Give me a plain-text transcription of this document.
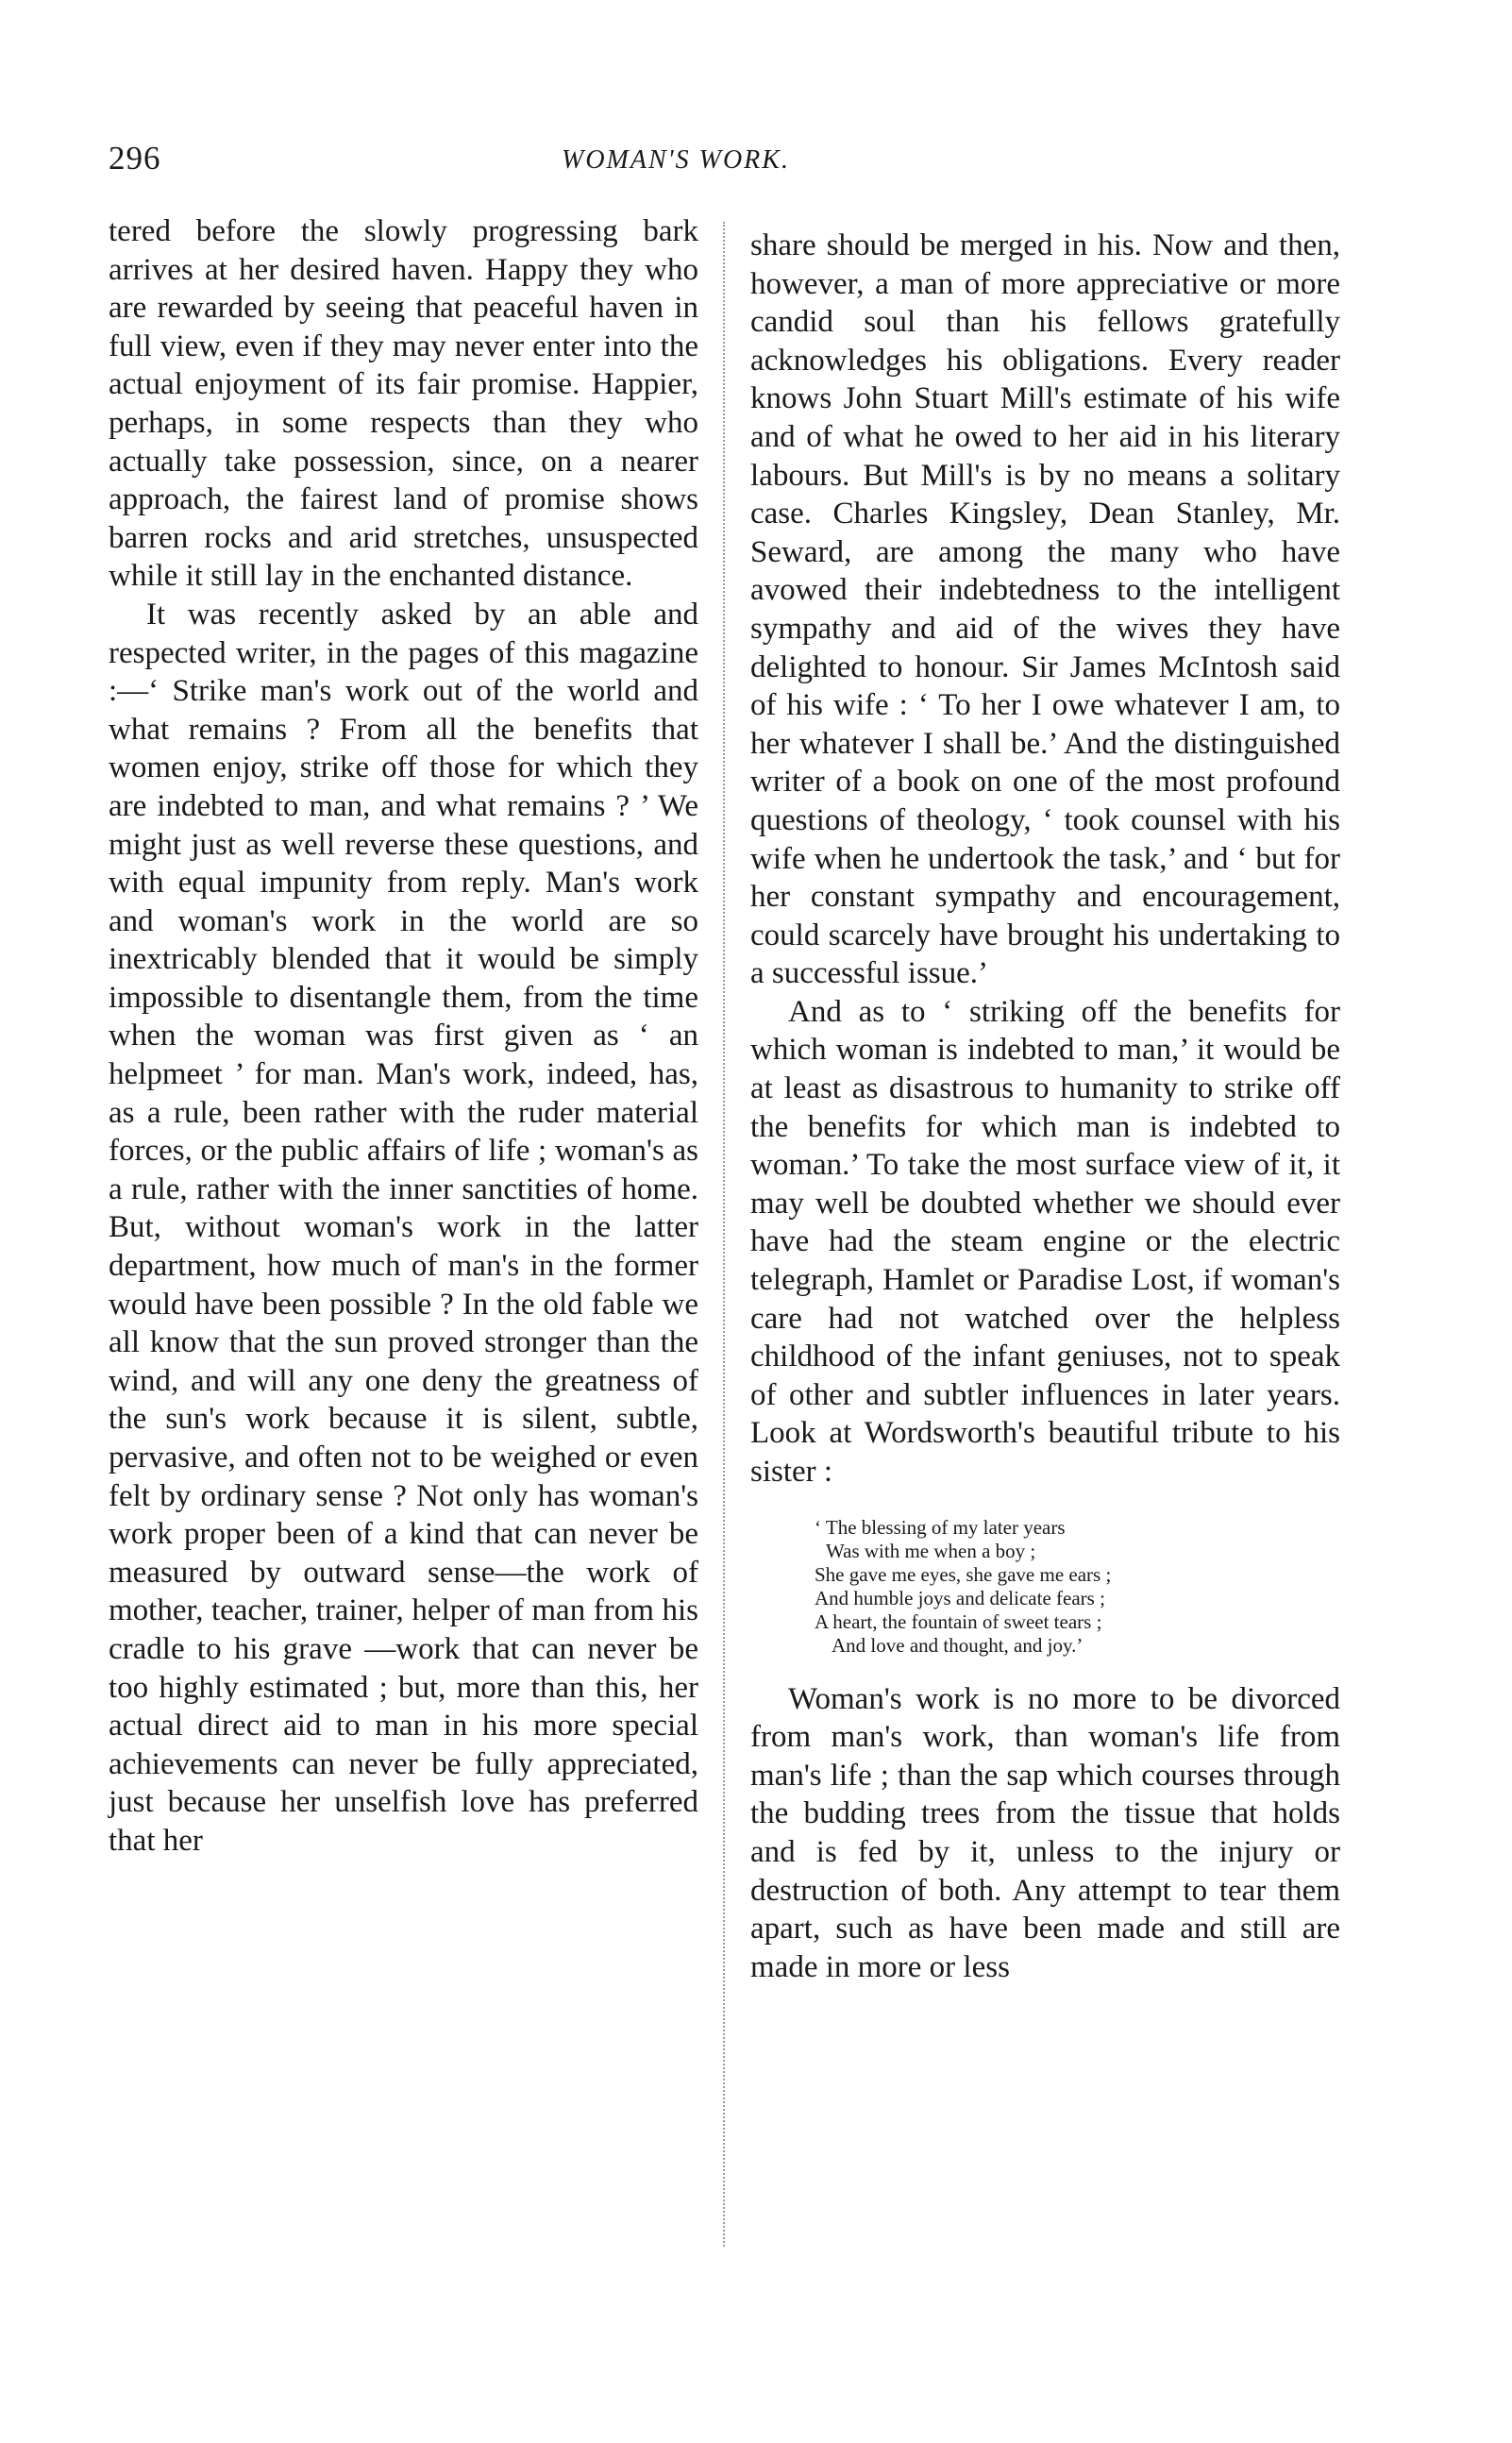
296	WOMAN'S WORK.

tered before the slowly progressing bark arrives at her desired haven. Happy they who are rewarded by seeing that peaceful haven in full view, even if they may never enter into the actual enjoyment of its fair promise. Happier, perhaps, in some respects than they who actually take possession, since, on a nearer approach, the fairest land of promise shows barren rocks and arid stretches, unsuspected while it still lay in the enchanted distance.

It was recently asked by an able and respected writer, in the pages of this magazine :—‘ Strike man's work out of the world and what remains ? From all the benefits that women enjoy, strike off those for which they are indebted to man, and what remains ? ’ We might just as well reverse these questions, and with equal impunity from reply. Man's work and woman's work in the world are so inextricably blended that it would be simply impossible to disentangle them, from the time when the woman was first given as ‘ an helpmeet ’ for man. Man's work, indeed, has, as a rule, been rather with the ruder material forces, or the public affairs of life ; woman's as a rule, rather with the inner sanctities of home. But, without woman's work in the latter department, how much of man's in the former would have been possible ? In the old fable we all know that the sun proved stronger than the wind, and will any one deny the greatness of the sun's work because it is silent, subtle, pervasive, and often not to be weighed or even felt by ordinary sense ? Not only has woman's work proper been of a kind that can never be measured by outward sense—the work of mother, teacher, trainer, helper of man from his cradle to his grave —work that can never be too highly estimated ; but, more than this, her actual direct aid to man in his more special achievements can never be fully appreciated, just because her unselfish love has preferred that her

share should be merged in his. Now and then, however, a man of more appreciative or more candid soul than his fellows gratefully acknowledges his obligations. Every reader knows John Stuart Mill's estimate of his wife and of what he owed to her aid in his literary labours. But Mill's is by no means a solitary case. Charles Kingsley, Dean Stanley, Mr. Seward, are among the many who have avowed their indebtedness to the intelligent sympathy and aid of the wives they have delighted to honour. Sir James McIntosh said of his wife : ‘ To her I owe whatever I am, to her whatever I shall be.’ And the distinguished writer of a book on one of the most profound questions of theology, ‘ took counsel with his wife when he undertook the task,’ and ‘ but for her constant sympathy and encouragement, could scarcely have brought his undertaking to a successful issue.’

And as to ‘ striking off the benefits for which woman is indebted to man,’ it would be at least as disastrous to humanity to strike off the benefits for which man is indebted to woman.’ To take the most surface view of it, it may well be doubted whether we should ever have had the steam engine or the electric telegraph, Hamlet or Paradise Lost, if woman's care had not watched over the helpless childhood of the infant geniuses, not to speak of other and subtler influences in later years. Look at Wordsworth's beautiful tribute to his sister :

‘ The blessing of my later years
Was with me when a boy ;
She gave me eyes, she gave me ears ;
And humble joys and delicate fears ;
A heart, the fountain of sweet tears ;
And love and thought, and joy.’

Woman's work is no more to be divorced from man's work, than woman's life from man's life ; than the sap which courses through the budding trees from the tissue that holds and is fed by it, unless to the injury or destruction of both. Any attempt to tear them apart, such as have been made and still are made in more or less
